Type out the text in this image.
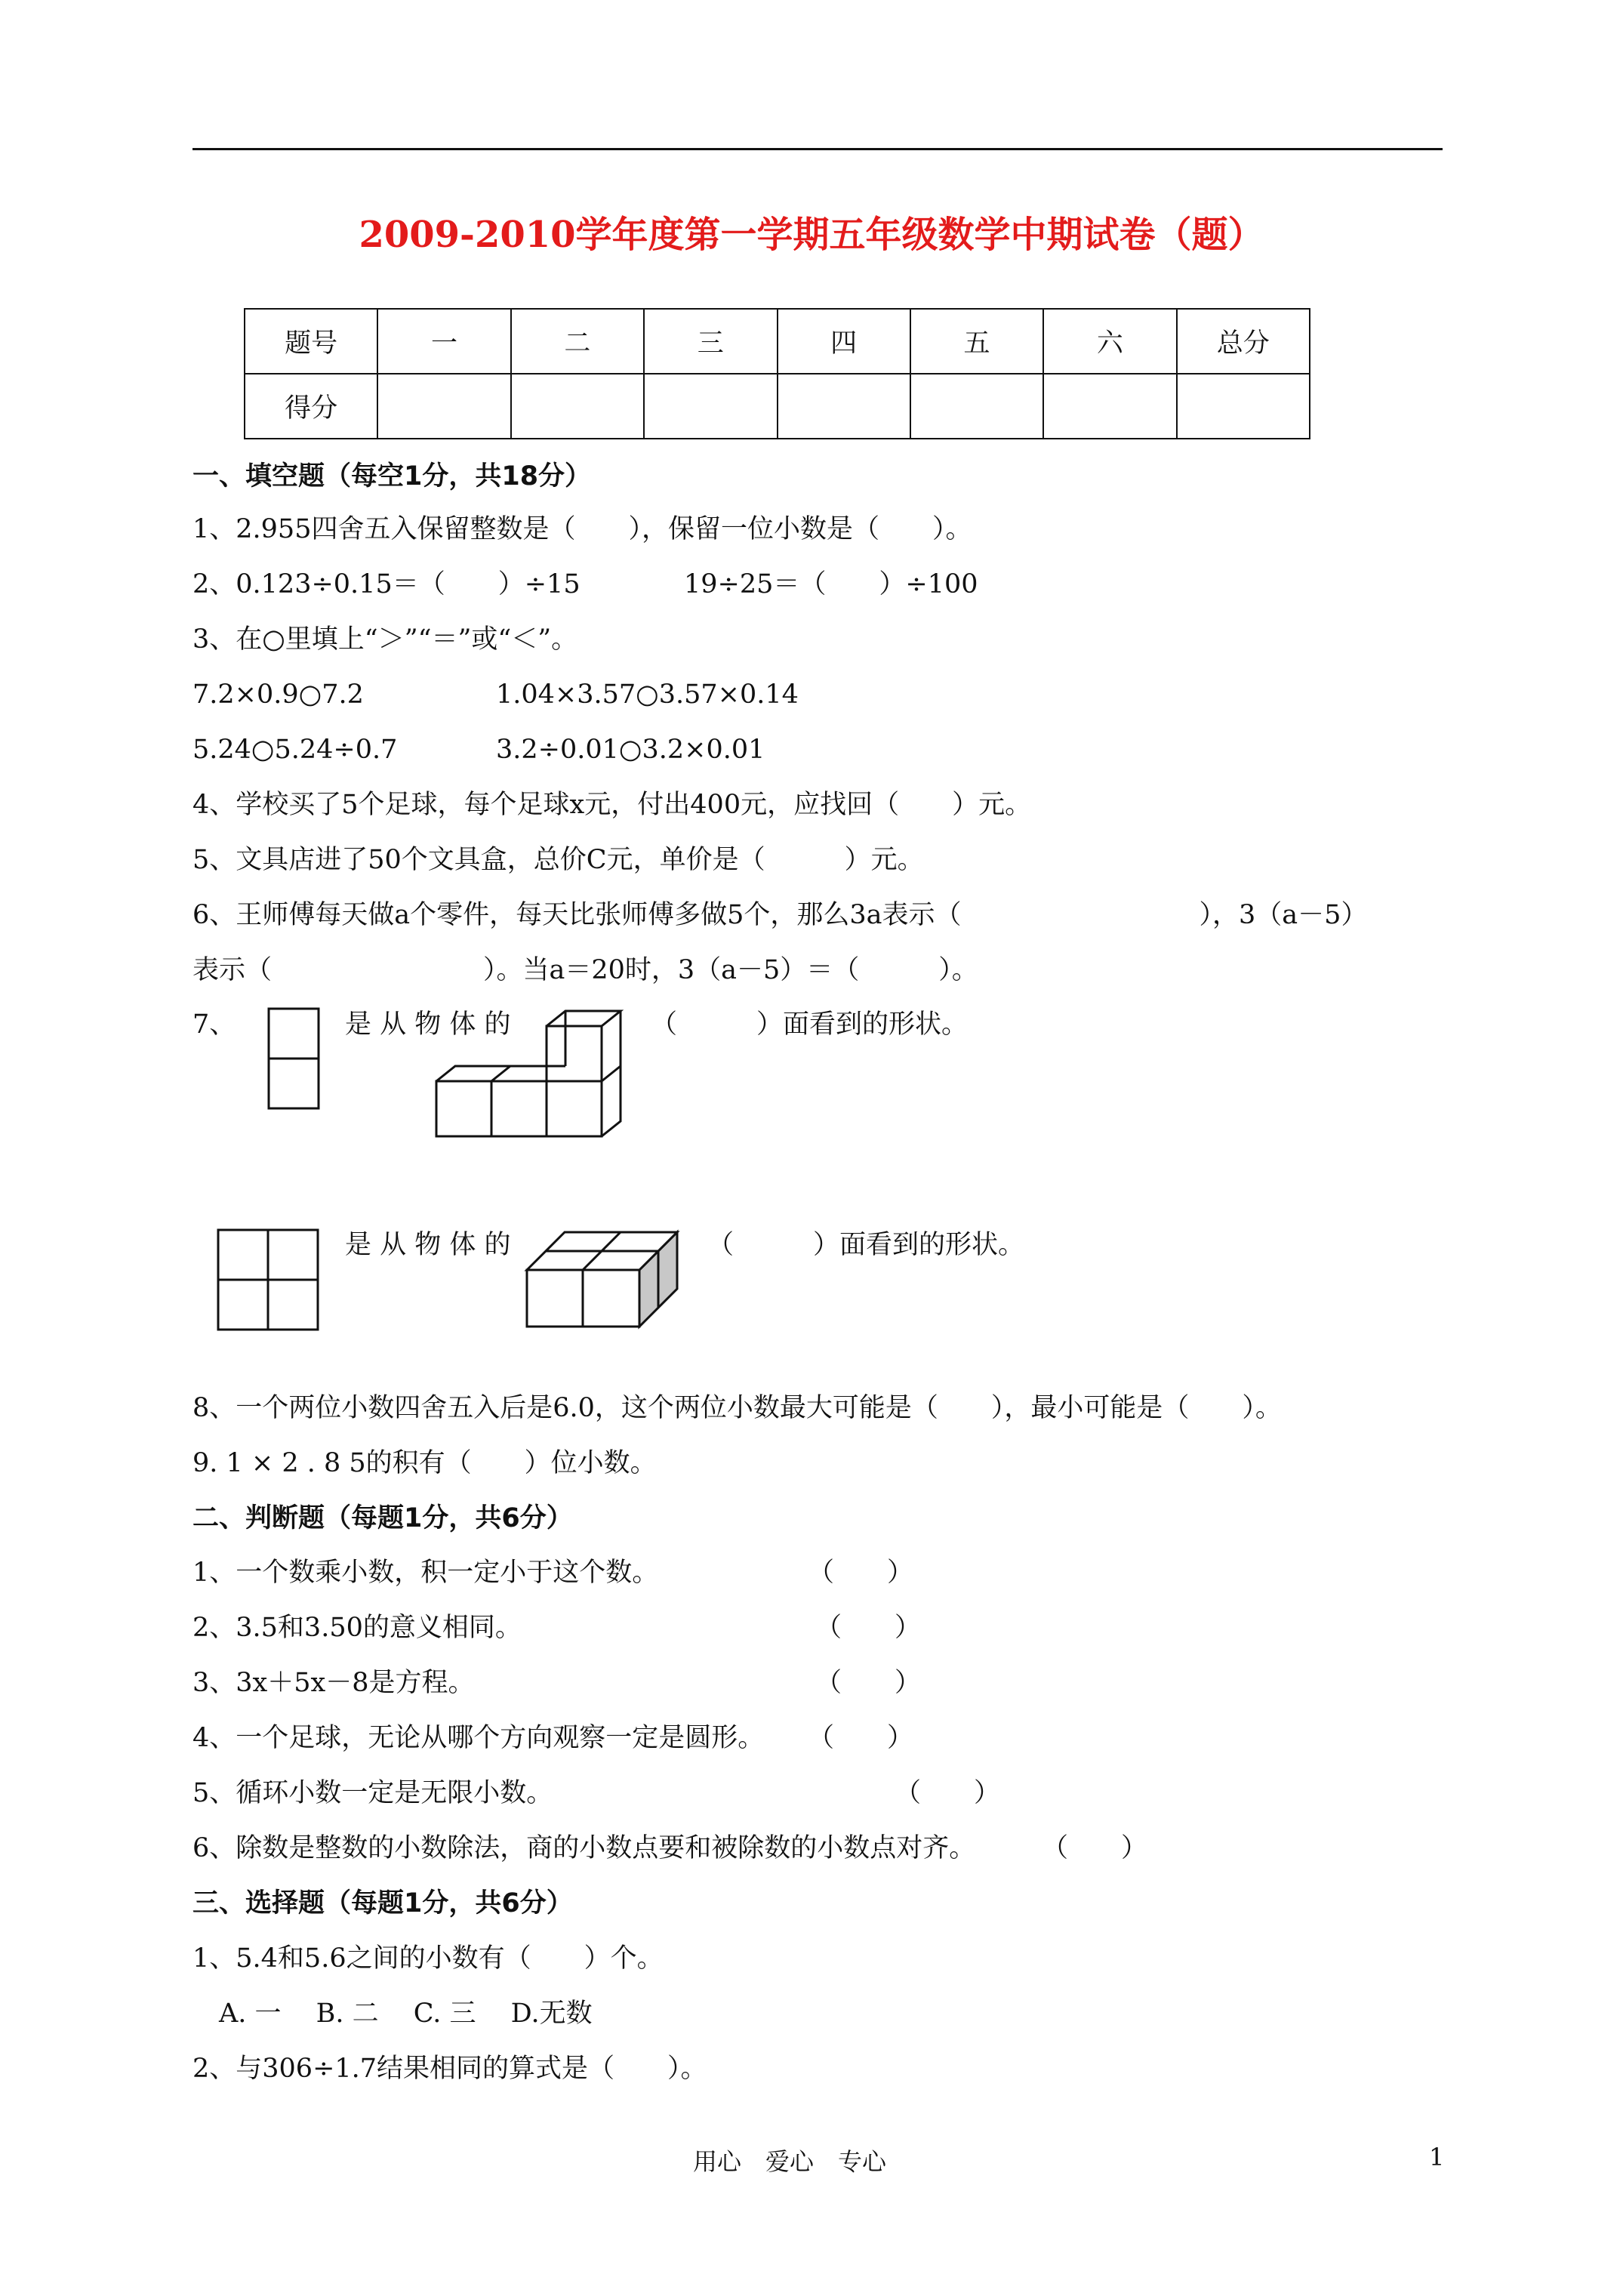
2009-2010学年度第一学期五年级数学中期试卷（题）
题号	一	二	三	四	五	六	总分
得分							
一、填空题（每空1分，共18分）
1、2.955四舍五入保留整数是（　　），保留一位小数是（　　）。
2、0.123÷0.15＝（　　）÷15	19÷25＝（　　）÷100
3、在○里填上“＞”“＝”或“＜”。
7.2×0.9○7.2	1.04×3.57○3.57×0.14
5.24○5.24÷0.7	3.2÷0.01○3.2×0.01
4、学校买了5个足球，每个足球x元，付出400元，应找回（　　）元。
5、文具店进了50个文具盒，总价C元，单价是（　　　）元。
6、王师傅每天做a个零件，每天比张师傅多做5个，那么3a表示（　　　　　　　　　），3（a－5）
表示（　　　　　　　　）。当a＝20时，3（a－5）＝（　　　）。
7、	是 从 物 体 的	（　　　）面看到的形状。
是 从 物 体 的	（　　　）面看到的形状。
8、一个两位小数四舍五入后是6.0，这个两位小数最大可能是（　　），最小可能是（　　）。
9. 1 × 2 . 8 5的积有（　　）位小数。
二、判断题（每题1分，共6分）
1、一个数乘小数，积一定小于这个数。	（　　）
2、3.5和3.50的意义相同。	（　　）
3、3x＋5x－8是方程。	（　　）
4、一个足球，无论从哪个方向观察一定是圆形。 （　　）
5、循环小数一定是无限小数。	（　　）
6、除数是整数的小数除法，商的小数点要和被除数的小数点对齐。	（　　）
三、选择题（每题1分，共6分）
1、5.4和5.6之间的小数有（　　）个。
A. 一　 B. 二　 C. 三　 D.无数
2、与306÷1.7结果相同的算式是（　　）。
用心　爱心　专心	1
